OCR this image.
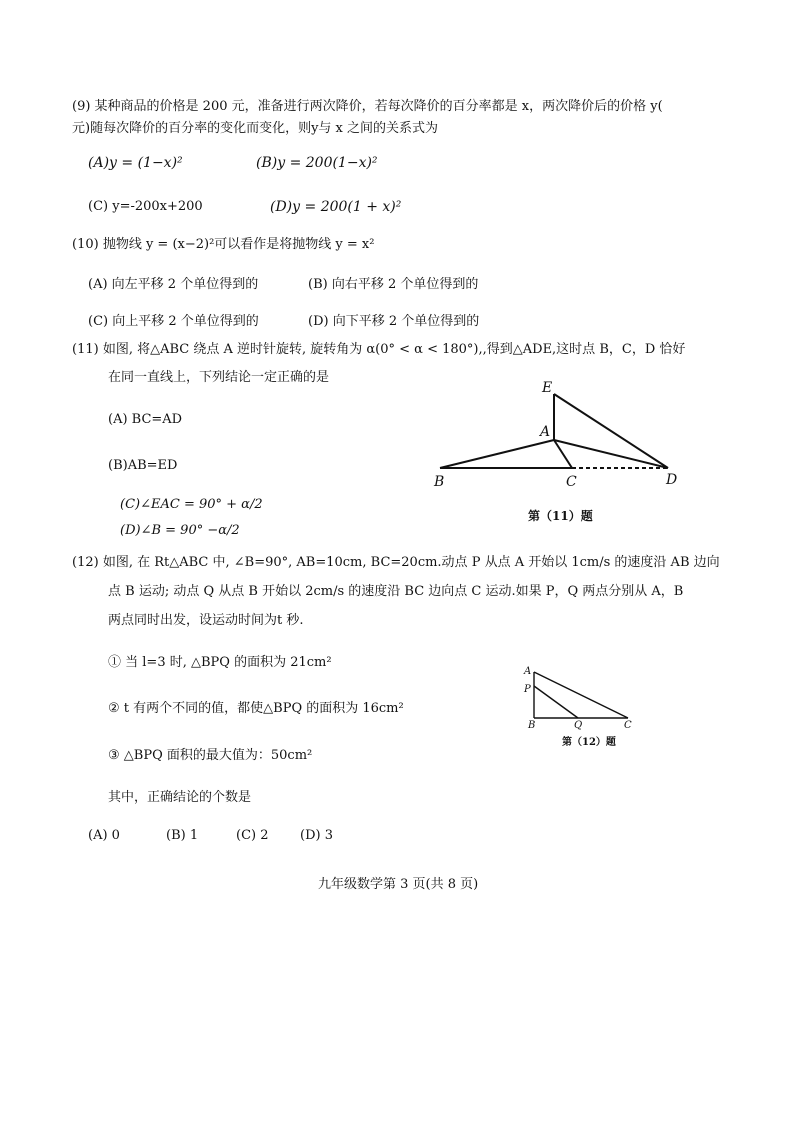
(9) 某种商品的价格是 200 元，准备进行两次降价，若每次降价的百分率都是 x，两次降价后的价格 y(
元)随每次降价的百分率的变化而变化，则y与 x 之间的关系式为
(A)y = (1−x)²	(B)y = 200(1−x)²
(C) y=-200x+200	(D)y = 200(1 + x)²
(10) 抛物线 y = (x−2)²可以看作是将抛物线 y = x²
(A) 向左平移 2 个单位得到的	(B) 向右平移 2 个单位得到的
(C) 向上平移 2 个单位得到的	(D) 向下平移 2 个单位得到的
(11) 如图, 将△ABC 绕点 A 逆时针旋转, 旋转角为 α(0° < α < 180°),,得到△ADE,这时点 B，C，D 恰好
在同一直线上，下列结论一定正确的是
(A) BC=AD
(B)AB=ED
(C)∠EAC = 90° + α/2
(D)∠B = 90° −α/2
E
A
B	C	D
第（11）题
(12) 如图, 在 Rt△ABC 中, ∠B=90°, AB=10cm, BC=20cm.动点 P 从点 A 开始以 1cm/s 的速度沿 AB 边向
点 B 运动; 动点 Q 从点 B 开始以 2cm/s 的速度沿 BC 边向点 C 运动.如果 P，Q 两点分别从 A，B
两点同时出发，设运动时间为t 秒.
① 当 l=3 时, △BPQ 的面积为 21cm²
② t 有两个不同的值，都使△BPQ 的面积为 16cm²
③ △BPQ 面积的最大值为：50cm²
其中，正确结论的个数是
(A) 0	(B) 1	(C) 2 (D) 3
A
P
B	Q	C
第（12）题
九年级数学第 3 页(共 8 页)
